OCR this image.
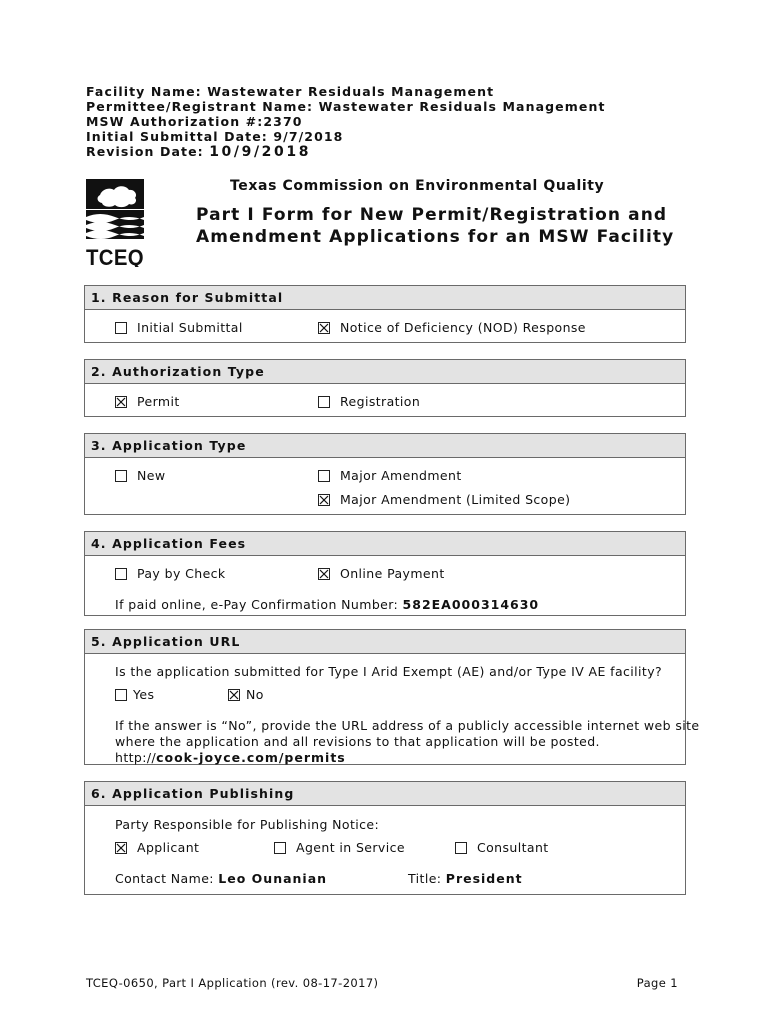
Facility Name: Wastewater Residuals Management
Permittee/Registrant Name: Wastewater Residuals Management
MSW Authorization #:2370
Initial Submittal Date: 9/7/2018
Revision Date: 10/9/2018
TCEQ
Texas Commission on Environmental Quality
Part I Form for New Permit/Registration and
Amendment Applications for an MSW Facility
1. Reason for Submittal
Initial Submittal	Notice of Deficiency (NOD) Response
2. Authorization Type
Permit	Registration
3. Application Type
New	Major Amendment
Major Amendment (Limited Scope)
4. Application Fees
Pay by Check	Online Payment
If paid online, e-Pay Confirmation Number: 582EA000314630
5. Application URL
Is the application submitted for Type I Arid Exempt (AE) and/or Type IV AE facility?
Yes	No
If the answer is “No”, provide the URL address of a publicly accessible internet web site
where the application and all revisions to that application will be posted.
http://cook-joyce.com/permits
6. Application Publishing
Party Responsible for Publishing Notice:
Applicant	Agent in Service	Consultant
Contact Name: Leo Ounanian	Title: President
TCEQ-0650, Part I Application (rev. 08-17-2017)	Page 1
